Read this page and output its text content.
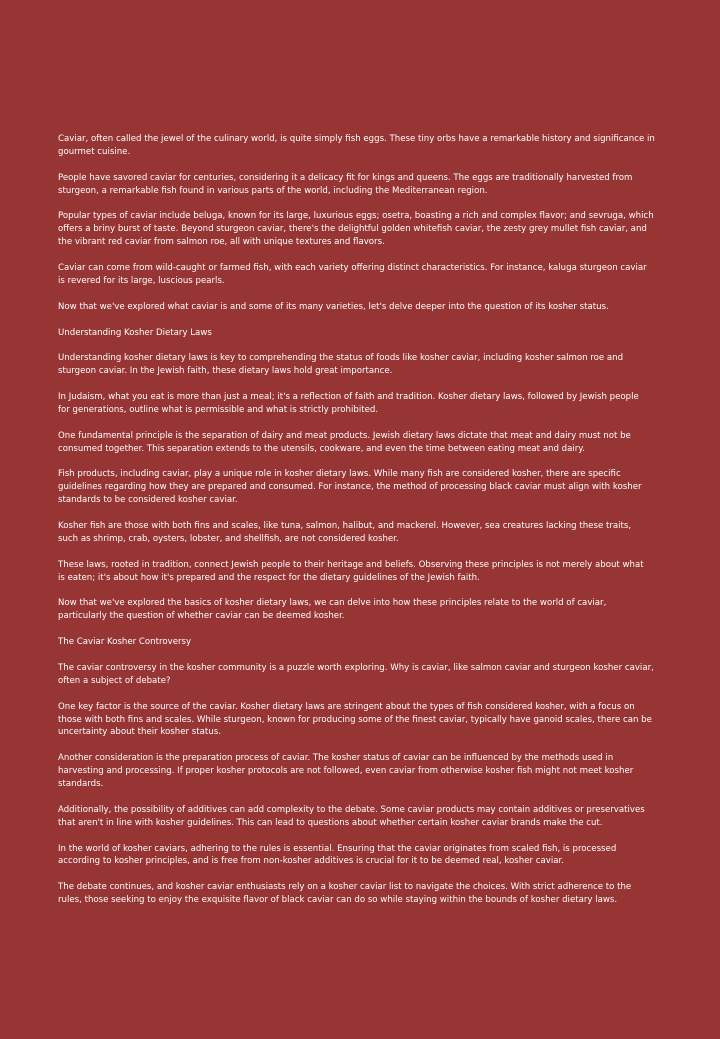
Caviar, often called the jewel of the culinary world, is quite simply fish eggs. These tiny orbs have a remarkable history and significance in
gourmet cuisine.

People have savored caviar for centuries, considering it a delicacy fit for kings and queens. The eggs are traditionally harvested from
sturgeon, a remarkable fish found in various parts of the world, including the Mediterranean region.

Popular types of caviar include beluga, known for its large, luxurious eggs; osetra, boasting a rich and complex flavor; and sevruga, which
offers a briny burst of taste. Beyond sturgeon caviar, there's the delightful golden whitefish caviar, the zesty grey mullet fish caviar, and
the vibrant red caviar from salmon roe, all with unique textures and flavors.

Caviar can come from wild-caught or farmed fish, with each variety offering distinct characteristics. For instance, kaluga sturgeon caviar
is revered for its large, luscious pearls.

Now that we've explored what caviar is and some of its many varieties, let's delve deeper into the question of its kosher status.

Understanding Kosher Dietary Laws

Understanding kosher dietary laws is key to comprehending the status of foods like kosher caviar, including kosher salmon roe and
sturgeon caviar. In the Jewish faith, these dietary laws hold great importance.

In Judaism, what you eat is more than just a meal; it's a reflection of faith and tradition. Kosher dietary laws, followed by Jewish people
for generations, outline what is permissible and what is strictly prohibited.

One fundamental principle is the separation of dairy and meat products. Jewish dietary laws dictate that meat and dairy must not be
consumed together. This separation extends to the utensils, cookware, and even the time between eating meat and dairy.

Fish products, including caviar, play a unique role in kosher dietary laws. While many fish are considered kosher, there are specific
guidelines regarding how they are prepared and consumed. For instance, the method of processing black caviar must align with kosher
standards to be considered kosher caviar.

Kosher fish are those with both fins and scales, like tuna, salmon, halibut, and mackerel. However, sea creatures lacking these traits,
such as shrimp, crab, oysters, lobster, and shellfish, are not considered kosher.

These laws, rooted in tradition, connect Jewish people to their heritage and beliefs. Observing these principles is not merely about what
is eaten; it's about how it's prepared and the respect for the dietary guidelines of the Jewish faith.

Now that we've explored the basics of kosher dietary laws, we can delve into how these principles relate to the world of caviar,
particularly the question of whether caviar can be deemed kosher.

The Caviar Kosher Controversy

The caviar controversy in the kosher community is a puzzle worth exploring. Why is caviar, like salmon caviar and sturgeon kosher caviar,
often a subject of debate?

One key factor is the source of the caviar. Kosher dietary laws are stringent about the types of fish considered kosher, with a focus on
those with both fins and scales. While sturgeon, known for producing some of the finest caviar, typically have ganoid scales, there can be
uncertainty about their kosher status.

Another consideration is the preparation process of caviar. The kosher status of caviar can be influenced by the methods used in
harvesting and processing. If proper kosher protocols are not followed, even caviar from otherwise kosher fish might not meet kosher
standards.

Additionally, the possibility of additives can add complexity to the debate. Some caviar products may contain additives or preservatives
that aren't in line with kosher guidelines. This can lead to questions about whether certain kosher caviar brands make the cut.

In the world of kosher caviars, adhering to the rules is essential. Ensuring that the caviar originates from scaled fish, is processed
according to kosher principles, and is free from non-kosher additives is crucial for it to be deemed real, kosher caviar.

The debate continues, and kosher caviar enthusiasts rely on a kosher caviar list to navigate the choices. With strict adherence to the
rules, those seeking to enjoy the exquisite flavor of black caviar can do so while staying within the bounds of kosher dietary laws.
